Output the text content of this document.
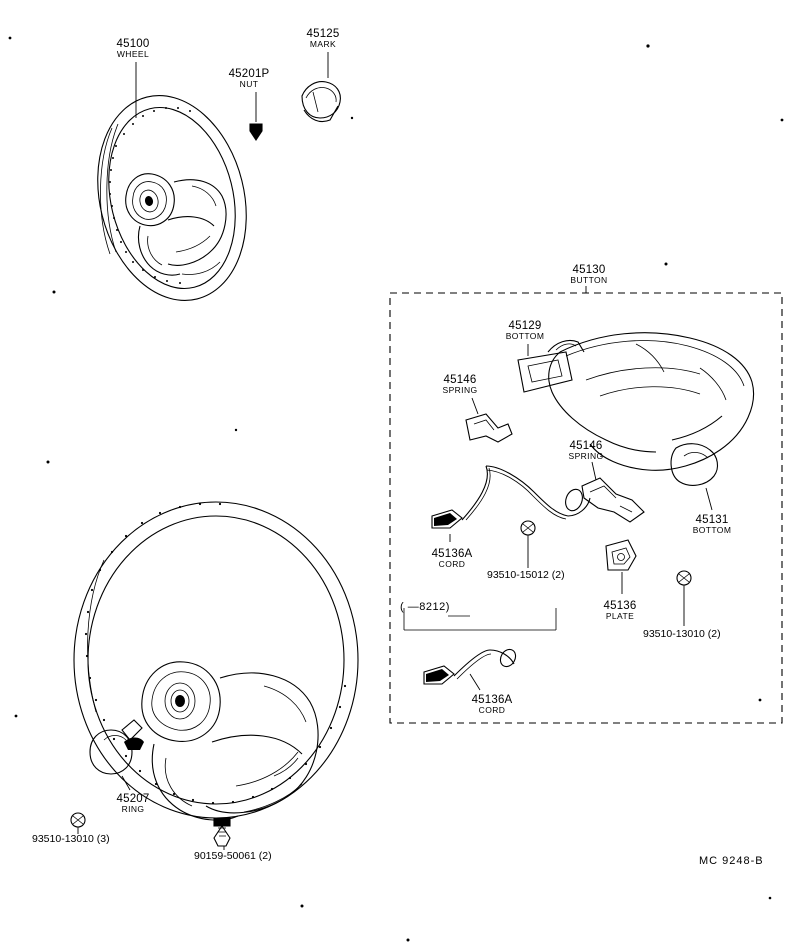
45100
WHEEL
45125
MARK
45201P
NUT
45130
BUTTON
45129
BOTTOM
45146
SPRING
45146
SPRING
45131
BOTTOM
45136A
CORD
45136
PLATE
45136A
CORD
45207
RING
93510-15012 (2)
93510-13010 (2)
93510-13010 (3)
90159-50061 (2)
( —8212)
MC 9248-B
